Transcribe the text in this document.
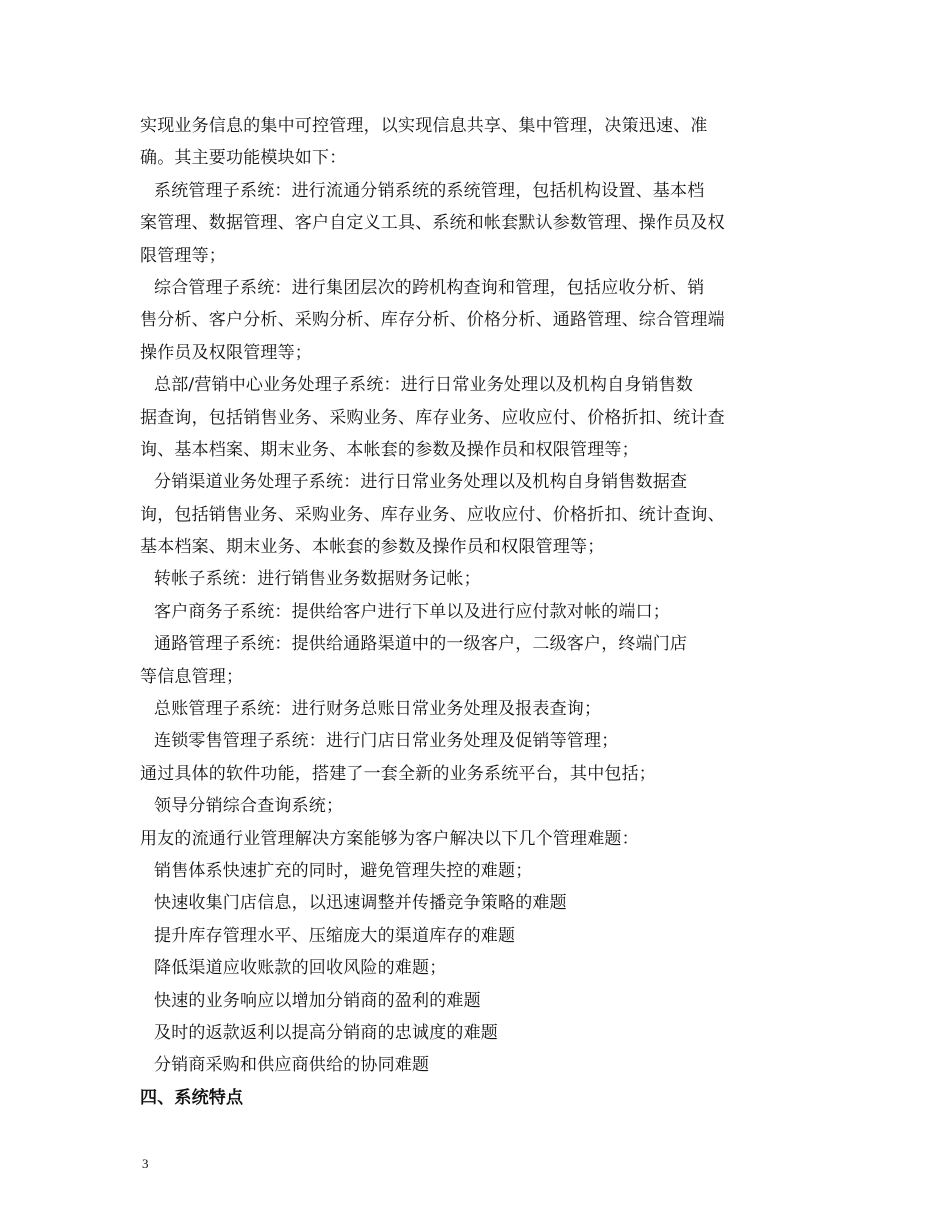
实现业务信息的集中可控管理，以实现信息共享、集中管理，决策迅速、准
确。其主要功能模块如下：
系统管理子系统：进行流通分销系统的系统管理，包括机构设置、基本档
案管理、数据管理、客户自定义工具、系统和帐套默认参数管理、操作员及权
限管理等；
综合管理子系统：进行集团层次的跨机构查询和管理，包括应收分析、销
售分析、客户分析、采购分析、库存分析、价格分析、通路管理、综合管理端
操作员及权限管理等；
总部/营销中心业务处理子系统：进行日常业务处理以及机构自身销售数
据查询，包括销售业务、采购业务、库存业务、应收应付、价格折扣、统计查
询、基本档案、期末业务、本帐套的参数及操作员和权限管理等；
分销渠道业务处理子系统：进行日常业务处理以及机构自身销售数据查
询，包括销售业务、采购业务、库存业务、应收应付、价格折扣、统计查询、
基本档案、期末业务、本帐套的参数及操作员和权限管理等；
转帐子系统：进行销售业务数据财务记帐；
客户商务子系统：提供给客户进行下单以及进行应付款对帐的端口；
通路管理子系统：提供给通路渠道中的一级客户，二级客户，终端门店
等信息管理；
总账管理子系统：进行财务总账日常业务处理及报表查询；
连锁零售管理子系统：进行门店日常业务处理及促销等管理；
通过具体的软件功能，搭建了一套全新的业务系统平台，其中包括；
领导分销综合查询系统；
用友的流通行业管理解决方案能够为客户解决以下几个管理难题：
销售体系快速扩充的同时，避免管理失控的难题；
快速收集门店信息，以迅速调整并传播竞争策略的难题
提升库存管理水平、压缩庞大的渠道库存的难题
降低渠道应收账款的回收风险的难题；
快速的业务响应以增加分销商的盈利的难题
及时的返款返利以提高分销商的忠诚度的难题
分销商采购和供应商供给的协同难题
四、系统特点
3
